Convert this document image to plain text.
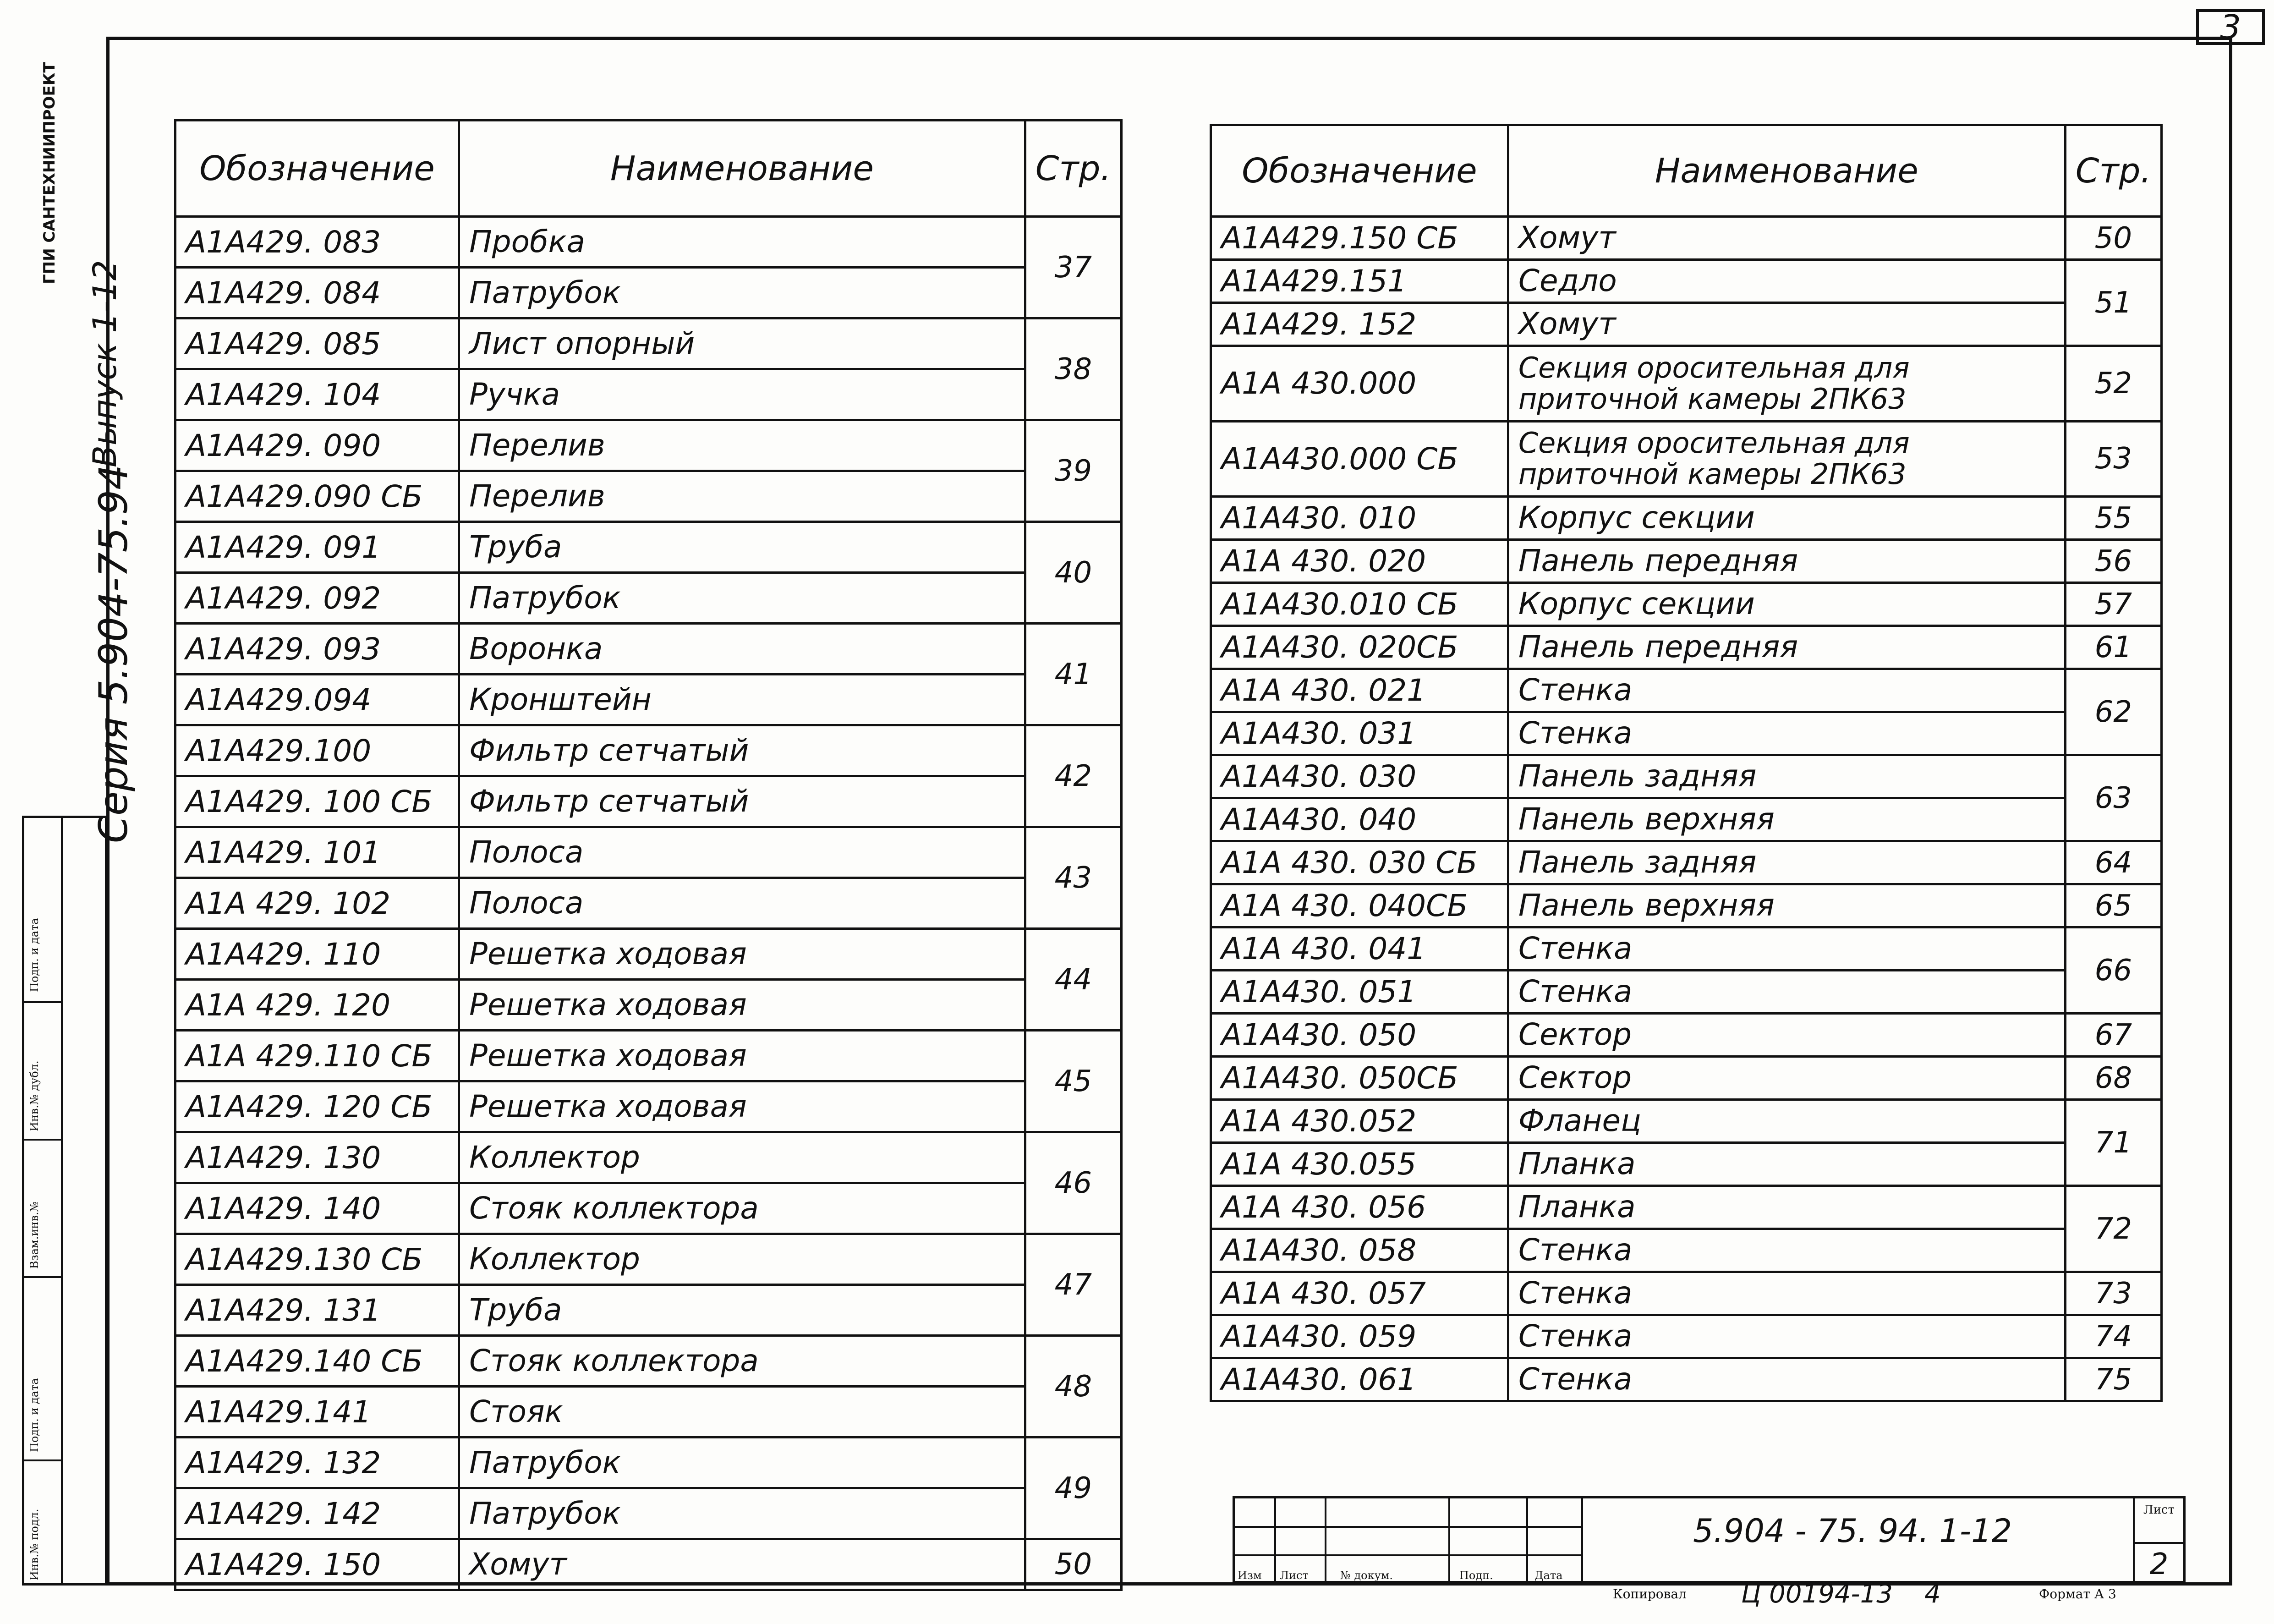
3
Серия 5.904-75.94
Выпуск 1-12
ГПИ САНТЕХНИИПРОЕКТ
Подп. и дата
Инв.№ дубл.
Взам.инв.№
Подп. и дата
Инв.№ подл.
Обозначение	Наименование	Стр.
А1А429. 083	Пробка	37
А1А429. 084	Патрубок	
А1А429. 085	Лист опорный	38
А1А429. 104	Ручка	
А1А429. 090	Перелив	39
А1А429.090 СБ	Перелив	
А1А429. 091	Труба	40
А1А429. 092	Патрубок	
А1А429. 093	Воронка	41
А1А429.094	Кронштейн	
А1А429.100	Фильтр сетчатый	42
А1А429. 100 СБ	Фильтр сетчатый	
А1А429. 101	Полоса	43
А1А 429. 102	Полоса	
А1А429. 110	Решетка ходовая	44
А1А 429. 120	Решетка ходовая	
А1А 429.110 СБ	Решетка ходовая	45
А1А429. 120 СБ	Решетка ходовая	
А1А429. 130	Коллектор	46
А1А429. 140	Стояк коллектора	
А1А429.130 СБ	Коллектор	47
А1А429. 131	Труба	
А1А429.140 СБ	Стояк коллектора	48
А1А429.141	Стояк	
А1А429. 132	Патрубок	49
А1А429. 142	Патрубок	
А1А429. 150	Хомут	50
Обозначение	Наименование	Стр.
А1А429.150 СБ	Хомут	50
А1А429.151	Седло	51
А1А429. 152	Хомут	
А1А 430.000	Секция оросительная для приточной камеры 2ПК63	52
А1А430.000 СБ	Секция оросительная для приточной камеры 2ПК63	53
А1А430. 010	Корпус секции	55
А1А 430. 020	Панель передняя	56
А1А430.010 СБ	Корпус секции	57
А1А430. 020СБ	Панель передняя	61
А1А 430. 021	Стенка	62
А1А430. 031	Стенка	
А1А430. 030	Панель задняя	63
А1А430. 040	Панель верхняя	
А1А 430. 030 СБ	Панель задняя	64
А1А 430. 040СБ	Панель верхняя	65
А1А 430. 041	Стенка	66
А1А430. 051	Стенка	
А1А430. 050	Сектор	67
А1А430. 050СБ	Сектор	68
А1А 430.052	Фланец	71
А1А 430.055	Планка	
А1А 430. 056	Планка	72
А1А430. 058	Стенка	
А1А 430. 057	Стенка	73
А1А430. 059	Стенка	74
А1А430. 061	Стенка	75
Изм Лист	№ докум.	Подп.	Дата
5.904 - 75. 94. 1-12
Лист
2
Копировал Ц 00194-13 4	Формат А 3
